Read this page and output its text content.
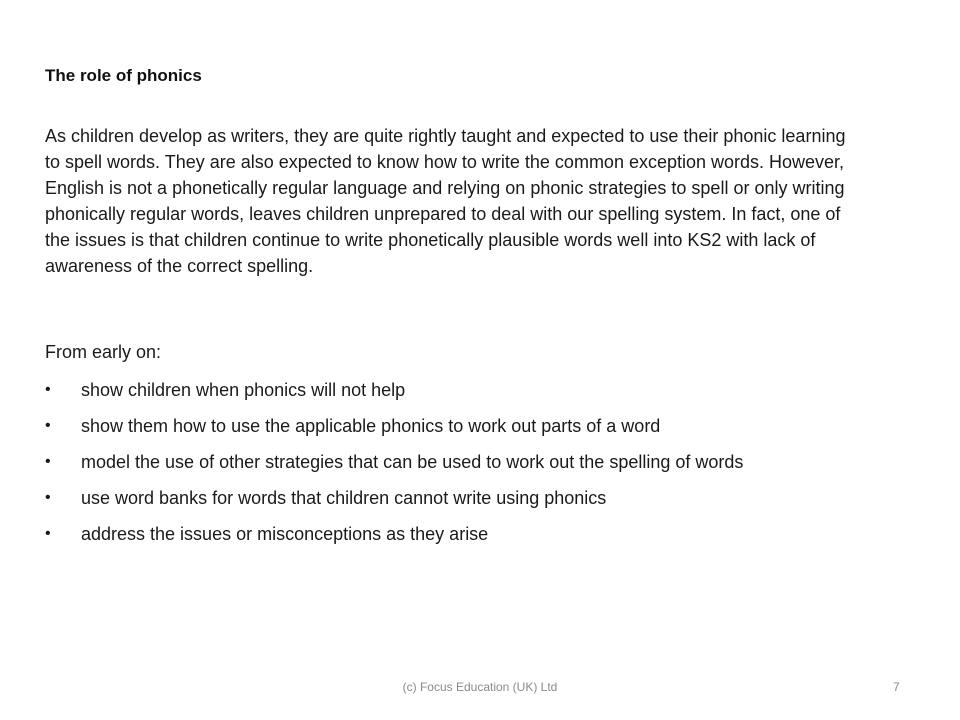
The role of phonics

As children develop as writers, they are quite rightly taught and expected to use their phonic learning to spell words. They are also expected to know how to write the common exception words. However, English is not a phonetically regular language and relying on phonic strategies to spell or only writing phonically regular words, leaves children unprepared to deal with our spelling system. In fact, one of the issues is that children continue to write phonetically plausible words well into KS2 with lack of awareness of the correct spelling.

From early on:

•	show children when phonics will not help
•	show them how to use the applicable phonics to work out parts of a word
•	model the use of other strategies that can be used to work out the spelling of words
•	use word banks for words that children cannot write using phonics
•	address the issues or misconceptions as they arise
(c) Focus Education (UK) Ltd	7
